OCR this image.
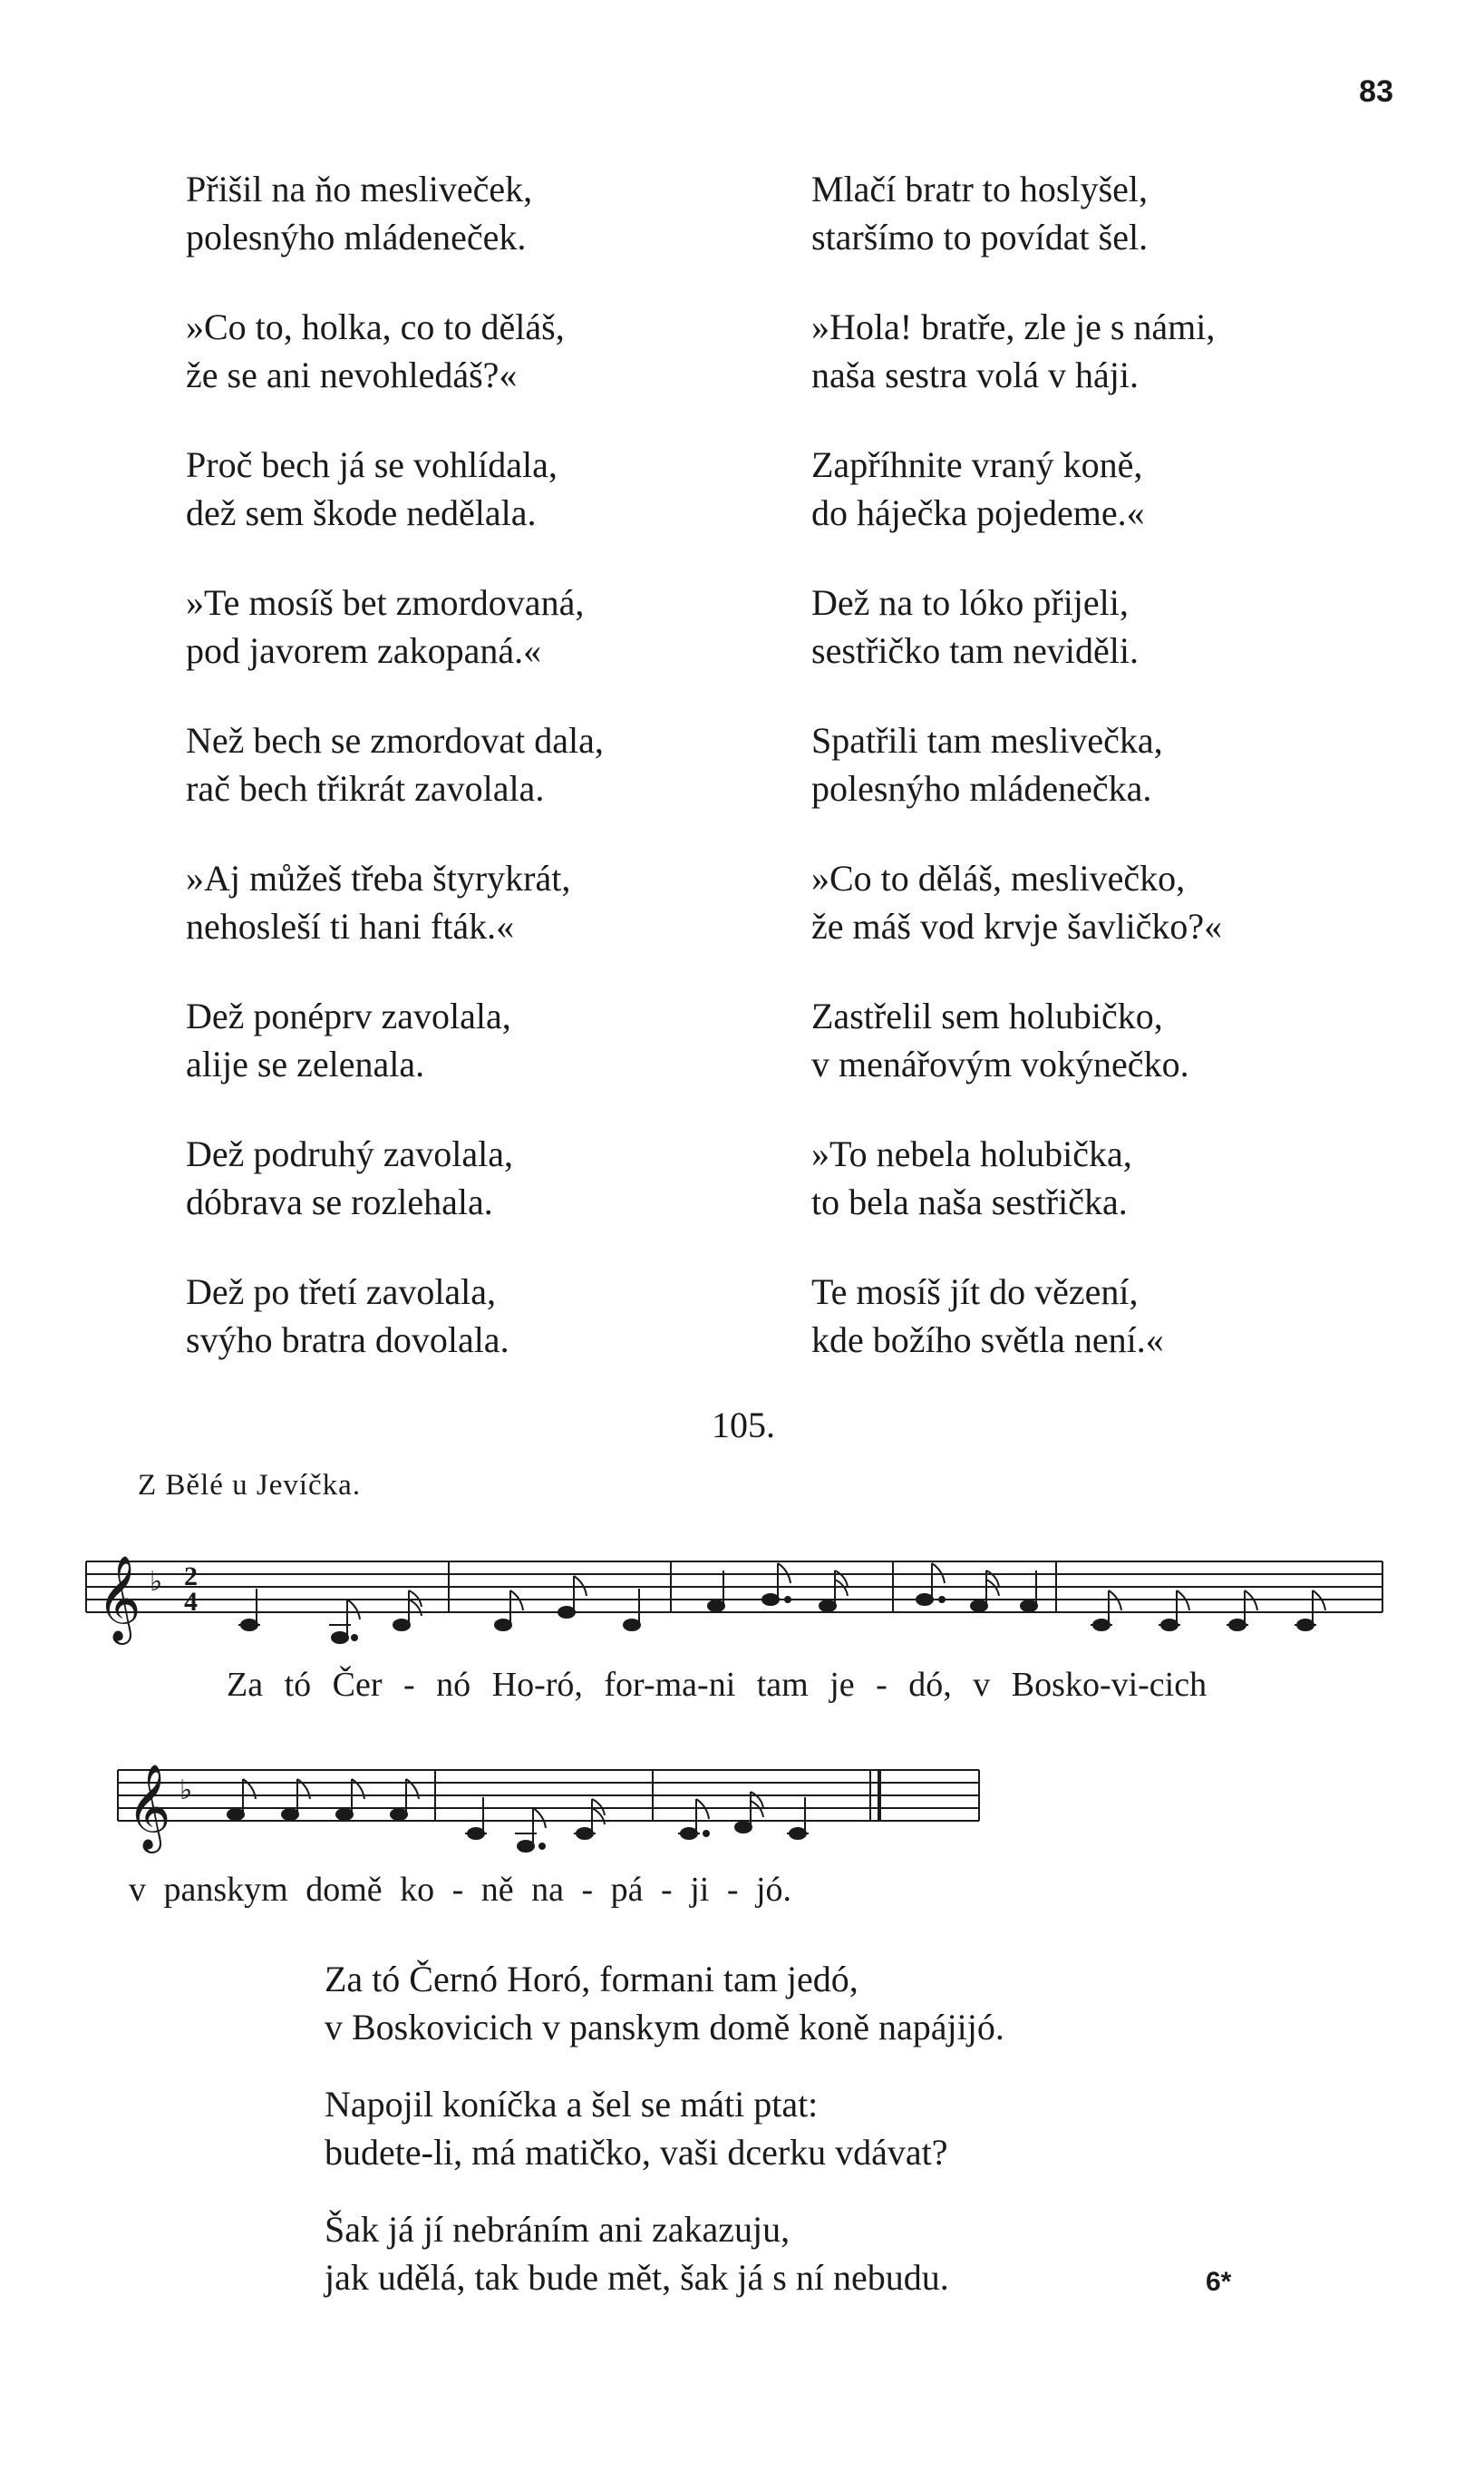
83
Přišil na ňo mesliveček,
polesnýho mládeneček.
»Co to, holka, co to děláš,
že se ani nevohledáš?«
Proč bech já se vohlídala,
dež sem škode nedělala.
»Te mosíš bet zmordovaná,
pod javorem zakopaná.«
Než bech se zmordovat dala,
rač bech třikrát zavolala.
»Aj můžeš třeba štyrykrát,
nehosleší ti hani fták.«
Dež ponéprv zavolala,
alije se zelenala.
Dež podruhý zavolala,
dóbrava se rozlehala.
Dež po třetí zavolala,
svýho bratra dovolala.
Mlačí bratr to hoslyšel,
staršímo to povídat šel.
»Hola! bratře, zle je s námi,
naša sestra volá v háji.
Zapříhnite vraný koně,
do háječka pojedeme.«
Dež na to lóko přijeli,
sestřičko tam neviděli.
Spatřili tam meslivečka,
polesnýho mládenečka.
»Co to děláš, meslivečko,
že máš vod krvje šavličko?«
Zastřelil sem holubičko,
v menářovým vokýnečko.
»To nebela holubička,
to bela naša sestřička.
Te mosíš jít do vězení,
kde božího světla není.«
105.
Z Bělé u Jevíčka.
𝄞 ♭ 2
4
Za tó Čer - nó Ho-ró, for-ma-ni tam je - dó, v Bosko-vi-cich
𝄞 ♭
v panskym domě ko - ně na - pá - ji - jó.
Za tó Černó Horó, formani tam jedó,
v Boskovicich v panskym domě koně napájijó.
Napojil koníčka a šel se máti ptat:
budete-li, má matičko, vaši dcerku vdávat?
Šak já jí nebráním ani zakazuju,
jak udělá, tak bude mět, šak já s ní nebudu.	6*
